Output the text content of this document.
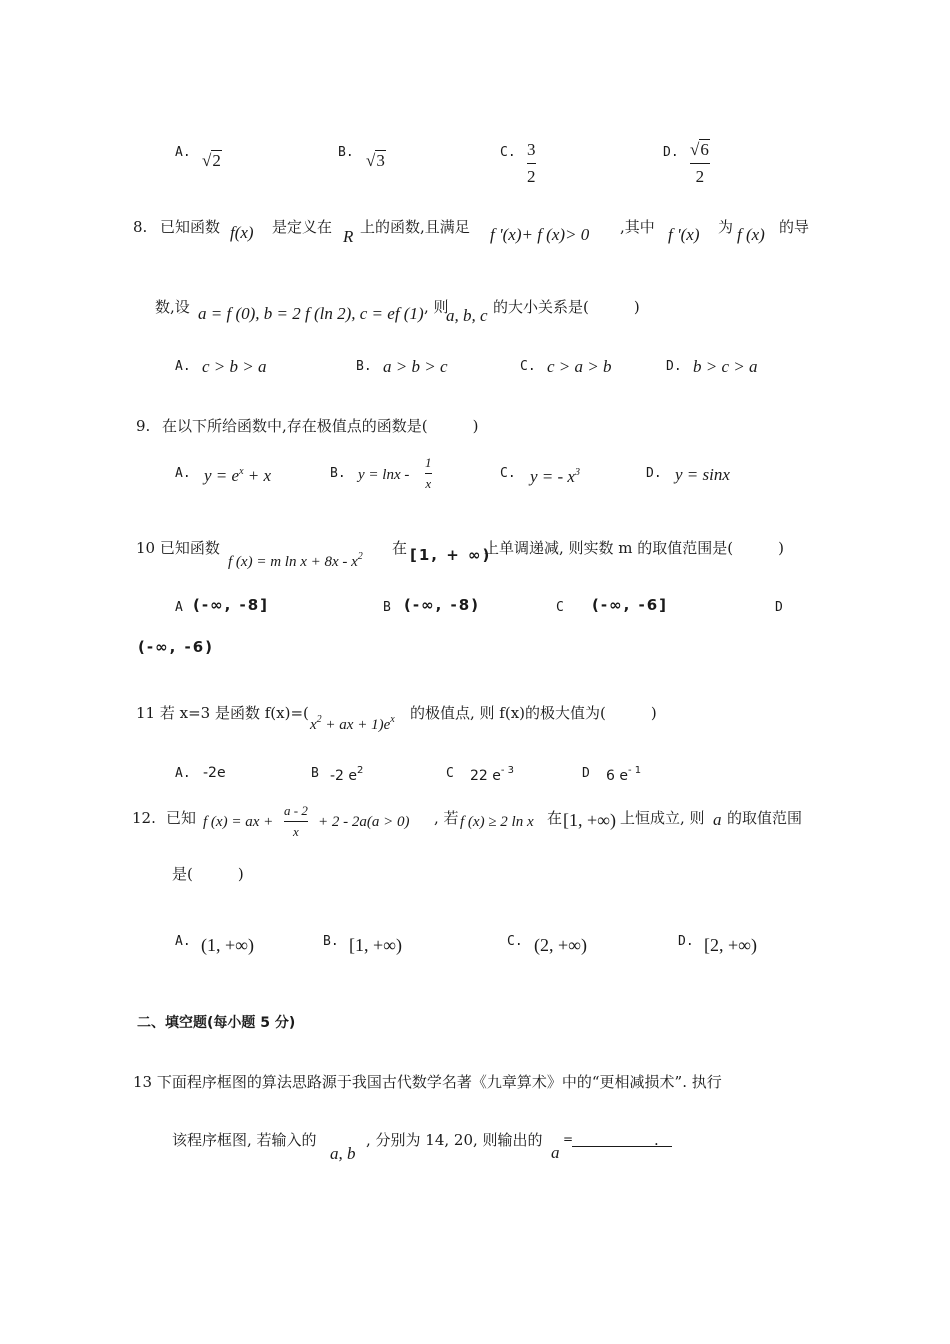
A. √2	B. √3	C. 3
2
D. √6
2
8. 已知函数 f(x) 是定义在 R 上的函数,且满足 f '(x)+ f (x)> 0 ,其中 f '(x) 为 f (x) 的导
数,设 a = f (0), b = 2 f (ln 2), c = ef (1) , 则
a, b, c 的大小关系是(　　　)
A. c > b > a	B. a > b > c	C. c > a > b	D. b > c > a
9. 在以下所给函数中,存在极值点的函数是(　　　)
A. $y = e^x + x$	B. y = lnx -
1
x
C. y = - $x^3$	D. y = sinx
10 已知函数
f (x) = m $\ln x + 8x - x^2$ 在 [1, + ∞)
上单调递减, 则实数 m 的取值范围是(　　　)
A (-∞, -8]	B (-∞, -8)	C (-∞, -6]	D
(-∞, -6)
11 若 x=3 是函数 f(x)=(
$x^2$ + ax + $1)e^x$ 的极值点, 则 f(x)的极大值为(　　　)
A. -2e	B -2 $e^2$	C 22 $e^{- 3}$	D 6 $e^{- 1}$
12. 已知 f (x) = ax +
a - 2
x
+ 2 - 2a(a > 0) , 若 f (x) ≥ 2 ln x 在 [1, +∞) 上恒成立, 则 a 的取值范围
是(　　　)
A. (1, +∞)	B. [1, +∞)	C. (2, +∞)	D. [2, +∞)
二、填空题(每小题 5 分)
13 下面程序框图的算法思路源于我国古代数学名著《九章算术》中的“更相减损术”. 执行
该程序框图, 若输入的
a, b
, 分别为 14, 20, 则输出的
a
=	.
